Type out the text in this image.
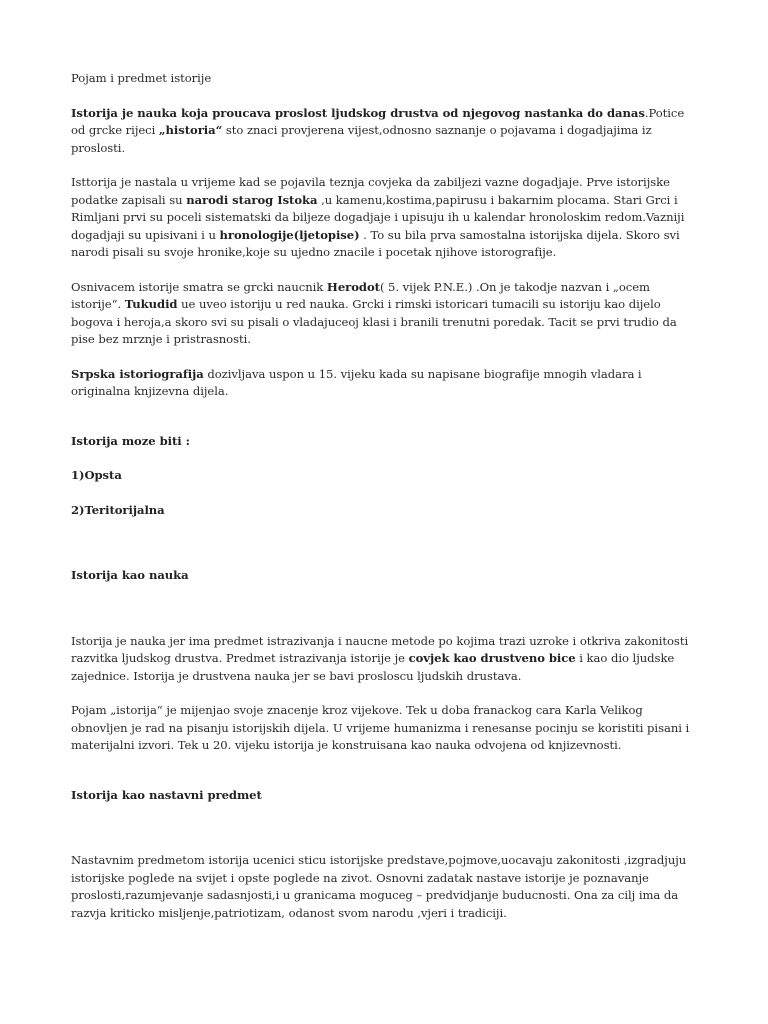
Pojam i predmet istorije

Istorija je nauka koja proucava proslost ljudskog drustva od njegovog nastanka do danas.Potice od grcke rijeci „historia“ sto znaci provjerena vijest,odnosno saznanje o pojavama i dogadjajima iz proslosti.

Isttorija je nastala u vrijeme kad se pojavila teznja covjeka da zabiljezi vazne dogadjaje. Prve istorijske podatke zapisali su narodi starog Istoka ,u kamenu,kostima,papirusu i bakarnim plocama. Stari Grci i Rimljani prvi su poceli sistematski da biljeze dogadjaje i upisuju ih u kalendar hronoloskim redom.Vazniji dogadjaji su upisivani i u hronologije(ljetopise) . To su bila prva samostalna istorijska dijela. Skoro svi narodi pisali su svoje hronike,koje su ujedno znacile i pocetak njihove istorografije.

Osnivacem istorije smatra se grcki naucnik Herodot( 5. vijek P.N.E.) .On je takodje nazvan i „ocem istorije“. Tukudid ue uveo istoriju u red nauka. Grcki i rimski istoricari tumacili su istoriju kao dijelo bogova i heroja,a skoro svi su pisali o vladajuceoj klasi i branili trenutni poredak. Tacit se prvi trudio da pise bez mrznje i pristrasnosti.

Srpska istoriografija dozivljava uspon u 15. vijeku kada su napisane biografije mnogih vladara i originalna knjizevna dijela.

Istorija moze biti :

1)Opsta

2)Teritorijalna

Istorija kao nauka

Istorija je nauka jer ima predmet istrazivanja i naucne metode po kojima trazi uzroke i otkriva zakonitosti razvitka ljudskog drustva. Predmet istrazivanja istorije je covjek kao drustveno bice i kao dio ljudske zajednice. Istorija je drustvena nauka jer se bavi prosloscu ljudskih drustava.

Pojam „istorija“ je mijenjao svoje znacenje kroz vijekove. Tek u doba franackog cara Karla Velikog obnovljen je rad na pisanju istorijskih dijela. U vrijeme humanizma i renesanse pocinju se koristiti pisani i materijalni izvori. Tek u 20. vijeku istorija je konstruisana kao nauka odvojena od knjizevnosti.

Istorija kao nastavni predmet

Nastavnim predmetom istorija ucenici sticu istorijske predstave,pojmove,uocavaju zakonitosti ,izgradjuju istorijske poglede na svijet i opste poglede na zivot. Osnovni zadatak nastave istorije je poznavanje proslosti,razumjevanje sadasnjosti,i u granicama moguceg – predvidjanje buducnosti. Ona za cilj ima da razvja kriticko misljenje,patriotizam, odanost svom narodu ,vjeri i tradiciji.
